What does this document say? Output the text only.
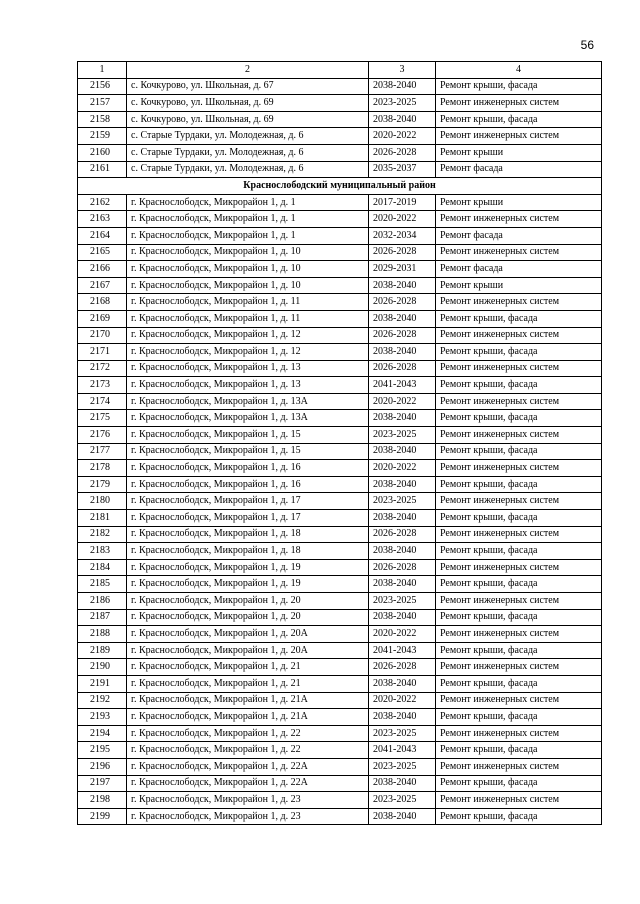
56
1	2	3	4
2156	с. Кочкурово, ул. Школьная, д. 67	2038-2040	Ремонт крыши, фасада
2157	с. Кочкурово, ул. Школьная, д. 69	2023-2025	Ремонт инженерных систем
2158	с. Кочкурово, ул. Школьная, д. 69	2038-2040	Ремонт крыши, фасада
2159	с. Старые Турдаки, ул. Молодежная, д. 6	2020-2022	Ремонт инженерных систем
2160	с. Старые Турдаки, ул. Молодежная, д. 6	2026-2028	Ремонт крыши
2161	с. Старые Турдаки, ул. Молодежная, д. 6	2035-2037	Ремонт фасада
Краснослободский муниципальный район			
2162	г. Краснослободск, Микрорайон 1, д. 1	2017-2019	Ремонт крыши
2163	г. Краснослободск, Микрорайон 1, д. 1	2020-2022	Ремонт инженерных систем
2164	г. Краснослободск, Микрорайон 1, д. 1	2032-2034	Ремонт фасада
2165	г. Краснослободск, Микрорайон 1, д. 10	2026-2028	Ремонт инженерных систем
2166	г. Краснослободск, Микрорайон 1, д. 10	2029-2031	Ремонт фасада
2167	г. Краснослободск, Микрорайон 1, д. 10	2038-2040	Ремонт крыши
2168	г. Краснослободск, Микрорайон 1, д. 11	2026-2028	Ремонт инженерных систем
2169	г. Краснослободск, Микрорайон 1, д. 11	2038-2040	Ремонт крыши, фасада
2170	г. Краснослободск, Микрорайон 1, д. 12	2026-2028	Ремонт инженерных систем
2171	г. Краснослободск, Микрорайон 1, д. 12	2038-2040	Ремонт крыши, фасада
2172	г. Краснослободск, Микрорайон 1, д. 13	2026-2028	Ремонт инженерных систем
2173	г. Краснослободск, Микрорайон 1, д. 13	2041-2043	Ремонт крыши, фасада
2174	г. Краснослободск, Микрорайон 1, д. 13А	2020-2022	Ремонт инженерных систем
2175	г. Краснослободск, Микрорайон 1, д. 13А	2038-2040	Ремонт крыши, фасада
2176	г. Краснослободск, Микрорайон 1, д. 15	2023-2025	Ремонт инженерных систем
2177	г. Краснослободск, Микрорайон 1, д. 15	2038-2040	Ремонт крыши, фасада
2178	г. Краснослободск, Микрорайон 1, д. 16	2020-2022	Ремонт инженерных систем
2179	г. Краснослободск, Микрорайон 1, д. 16	2038-2040	Ремонт крыши, фасада
2180	г. Краснослободск, Микрорайон 1, д. 17	2023-2025	Ремонт инженерных систем
2181	г. Краснослободск, Микрорайон 1, д. 17	2038-2040	Ремонт крыши, фасада
2182	г. Краснослободск, Микрорайон 1, д. 18	2026-2028	Ремонт инженерных систем
2183	г. Краснослободск, Микрорайон 1, д. 18	2038-2040	Ремонт крыши, фасада
2184	г. Краснослободск, Микрорайон 1, д. 19	2026-2028	Ремонт инженерных систем
2185	г. Краснослободск, Микрорайон 1, д. 19	2038-2040	Ремонт крыши, фасада
2186	г. Краснослободск, Микрорайон 1, д. 20	2023-2025	Ремонт инженерных систем
2187	г. Краснослободск, Микрорайон 1, д. 20	2038-2040	Ремонт крыши, фасада
2188	г. Краснослободск, Микрорайон 1, д. 20А	2020-2022	Ремонт инженерных систем
2189	г. Краснослободск, Микрорайон 1, д. 20А	2041-2043	Ремонт крыши, фасада
2190	г. Краснослободск, Микрорайон 1, д. 21	2026-2028	Ремонт инженерных систем
2191	г. Краснослободск, Микрорайон 1, д. 21	2038-2040	Ремонт крыши, фасада
2192	г. Краснослободск, Микрорайон 1, д. 21А	2020-2022	Ремонт инженерных систем
2193	г. Краснослободск, Микрорайон 1, д. 21А	2038-2040	Ремонт крыши, фасада
2194	г. Краснослободск, Микрорайон 1, д. 22	2023-2025	Ремонт инженерных систем
2195	г. Краснослободск, Микрорайон 1, д. 22	2041-2043	Ремонт крыши, фасада
2196	г. Краснослободск, Микрорайон 1, д. 22А	2023-2025	Ремонт инженерных систем
2197	г. Краснослободск, Микрорайон 1, д. 22А	2038-2040	Ремонт крыши, фасада
2198	г. Краснослободск, Микрорайон 1, д. 23	2023-2025	Ремонт инженерных систем
2199	г. Краснослободск, Микрорайон 1, д. 23	2038-2040	Ремонт крыши, фасада
